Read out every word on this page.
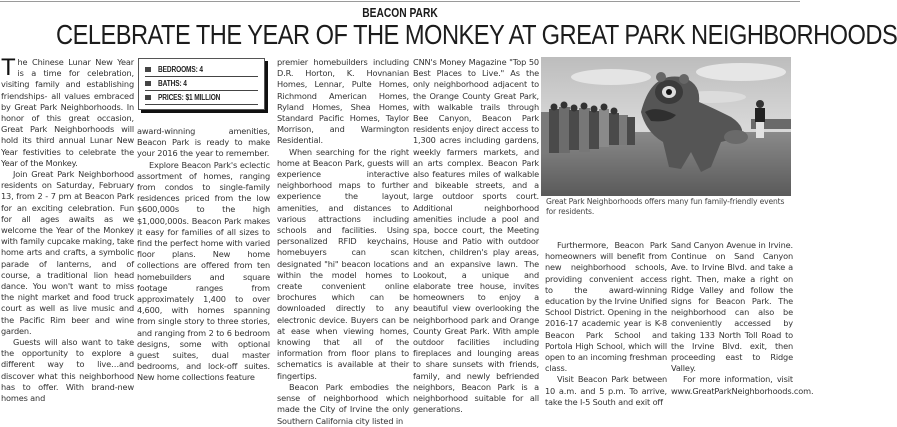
BEACON PARK
CELEBRATE THE YEAR OF THE MONKEY AT GREAT PARK NEIGHBORHOODS

The Chinese Lunar New Year is a time for celebration, visiting family and establishing friendships- all values embraced by Great Park Neighborhoods. In honor of this great occasion, Great Park Neighborhoods will hold its third annual Lunar New Year festivities to celebrate the Year of the Monkey.

Join Great Park Neighborhood residents on Saturday, February 13, from 2 - 7 pm at Beacon Park for an exciting celebration. Fun for all ages awaits as we welcome the Year of the Monkey with family cupcake making, take home arts and crafts, a symbolic parade of lanterns, and of course, a traditional lion head dance. You won't want to miss the night market and food truck court as well as live music and the Pacific Rim beer and wine garden.

Guests will also want to take the opportunity to explore a different way to live…and discover what this neighborhood has to offer. With brand-new homes and

BEDROOMS: 4
BATHS: 4
PRICES: $1 MILLION

award-winning amenities, Beacon Park is ready to make your 2016 the year to remember.

Explore Beacon Park's eclectic assortment of homes, ranging from condos to single-family residences priced from the low $600,000s to the high $1,000,000s. Beacon Park makes it easy for families of all sizes to find the perfect home with varied floor plans. New home collections are offered from ten homebuilders and square footage ranges from approximately 1,400 to over 4,600, with homes spanning from single story to three stories, and ranging from 2 to 6 bedroom designs, some with optional guest suites, dual master bedrooms, and lock-off suites. New home collections feature

premier homebuilders including D.R. Horton, K. Hovnanian Homes, Lennar, Pulte Homes, Richmond American Homes, Ryland Homes, Shea Homes, Standard Pacific Homes, Taylor Morrison, and Warmington Residential.

When searching for the right home at Beacon Park, guests will experience interactive neighborhood maps to further experience the layout, amenities, and distances to various attractions including schools and facilities. Using personalized RFID keychains, homebuyers can scan designated "hi" beacon locations within the model homes to create convenient online brochures which can be downloaded directly to any electronic device. Buyers can be at ease when viewing homes, knowing that all of the information from floor plans to schematics is available at their fingertips.

Beacon Park embodies the sense of neighborhood which made the City of Irvine the only Southern California city listed in

CNN's Money Magazine "Top 50 Best Places to Live." As the only neighborhood adjacent to the Orange County Great Park, with walkable trails through Bee Canyon, Beacon Park residents enjoy direct access to 1,300 acres including gardens, weekly farmers markets, and an arts complex. Beacon Park also features miles of walkable and bikeable streets, and a large outdoor sports court. Additional neighborhood amenities include a pool and spa, bocce court, the Meeting House and Patio with outdoor kitchen, children's play areas, and an expansive lawn. The Lookout, a unique and elaborate tree house, invites homeowners to enjoy a beautiful view overlooking the neighborhood park and Orange County Great Park. With ample outdoor facilities including fireplaces and lounging areas to share sunsets with friends, family, and newly befriended neighbors, Beacon Park is a neighborhood suitable for all generations.

Great Park Neighborhoods offers many fun family-friendly events for residents.

Furthermore, Beacon Park homeowners will benefit from new neighborhood schools, providing convenient access to the award-winning education by the Irvine Unified School District. Opening in the 2016-17 academic year is K-8 Beacon Park School and Portola High School, which will open to an incoming freshman class.

Visit Beacon Park between 10 a.m. and 5 p.m. To arrive, take the I-5 South and exit off

Sand Canyon Avenue in Irvine. Continue on Sand Canyon Ave. to Irvine Blvd. and take a right. Then, make a right on Ridge Valley and follow the signs for Beacon Park. The neighborhood can also be conveniently accessed by taking 133 North Toll Road to the Irvine Blvd. exit, then proceeding east to Ridge Valley.

For more information, visit www.GreatParkNeighborhoods.com.
